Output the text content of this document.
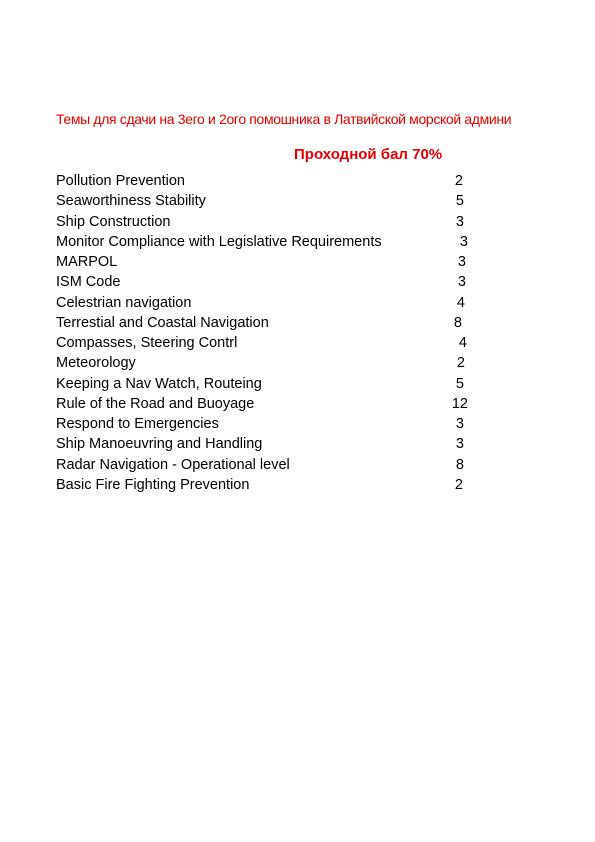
Темы для сдачи на 3его и 2ого помошника в Латвийской морской админи
Проходной бал 70%
Pollution Prevention	2
Seaworthiness Stability	5
Ship Construction	3
Monitor Compliance with Legislative Requirements	3
MARPOL	3
ISM Code	3
Celestrian navigation	4
Terrestial and Coastal Navigation	8
Compasses, Steering Contrl	4
Meteorology	2
Keeping a Nav Watch, Routeing	5
Rule of the Road and Buoyage	12
Respond to Emergencies	3
Ship Manoeuvring and Handling	3
Radar Navigation - Operational level	8
Basic Fire Fighting Prevention	2
